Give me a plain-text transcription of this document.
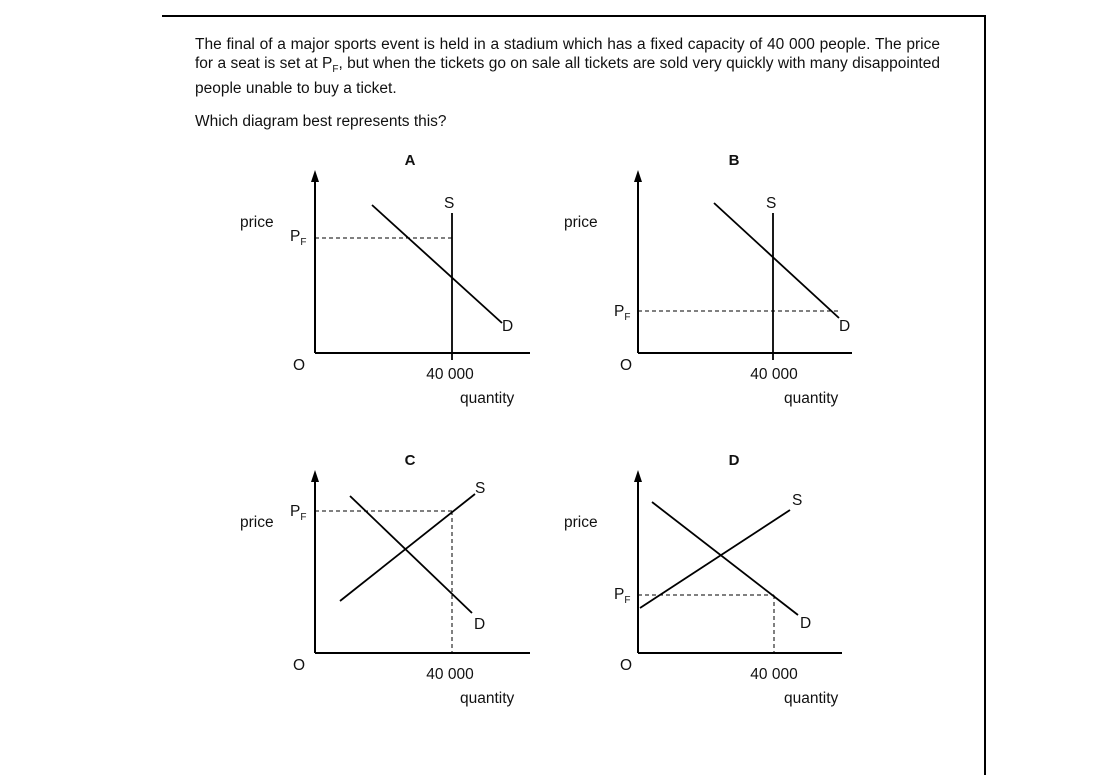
The final of a major sports event is held in a stadium which has a fixed capacity of 40 000 people. The price for a seat is set at $P_F$, but when the tickets go on sale all tickets are sold very quickly with many disappointed people unable to buy a ticket.

Which diagram best represents this?

A
price
$P_F$
S
D
O
40 000
quantity
B
price
$P_F$
S
D
O
40 000
quantity
C
price
$P_F$
S
D
O
40 000
quantity
D
price
$P_F$
S
D
O
40 000
quantity
